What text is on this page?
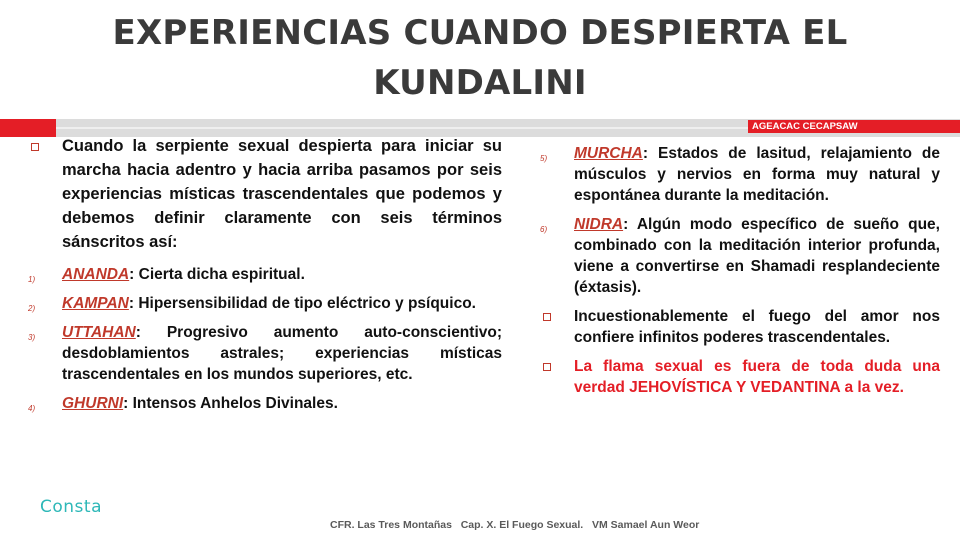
EXPERIENCIAS CUANDO DESPIERTA EL KUNDALINI
AGEACAC CECAPSAW
Cuando la serpiente sexual despierta para iniciar su marcha hacia adentro y hacia arriba pasamos por seis experiencias místicas trascendentales que podemos y debemos definir claramente con seis términos sánscritos así:
1) ANANDA: Cierta dicha espiritual.
2) KAMPAN: Hipersensibilidad de tipo eléctrico y psíquico.
3) UTTAHAN: Progresivo aumento auto-conscientivo; desdoblamientos astrales; experiencias místicas trascendentales en los mundos superiores, etc.
4) GHURNI: Intensos Anhelos Divinales.
5) MURCHA: Estados de lasitud, relajamiento de músculos y nervios en forma muy natural y espontánea durante la meditación.
6) NIDRA: Algún modo específico de sueño que, combinado con la meditación interior profunda, viene a convertirse en Shamadi resplandeciente (éxtasis).
Incuestionablemente el fuego del amor nos confiere infinitos poderes trascendentales.
La flama sexual es fuera de toda duda una verdad JEHOVÍSTICA Y VEDANTINA a la vez.
Consta
CFR. Las Tres Montañas   Cap. X. El Fuego Sexual.   VM Samael Aun Weor
